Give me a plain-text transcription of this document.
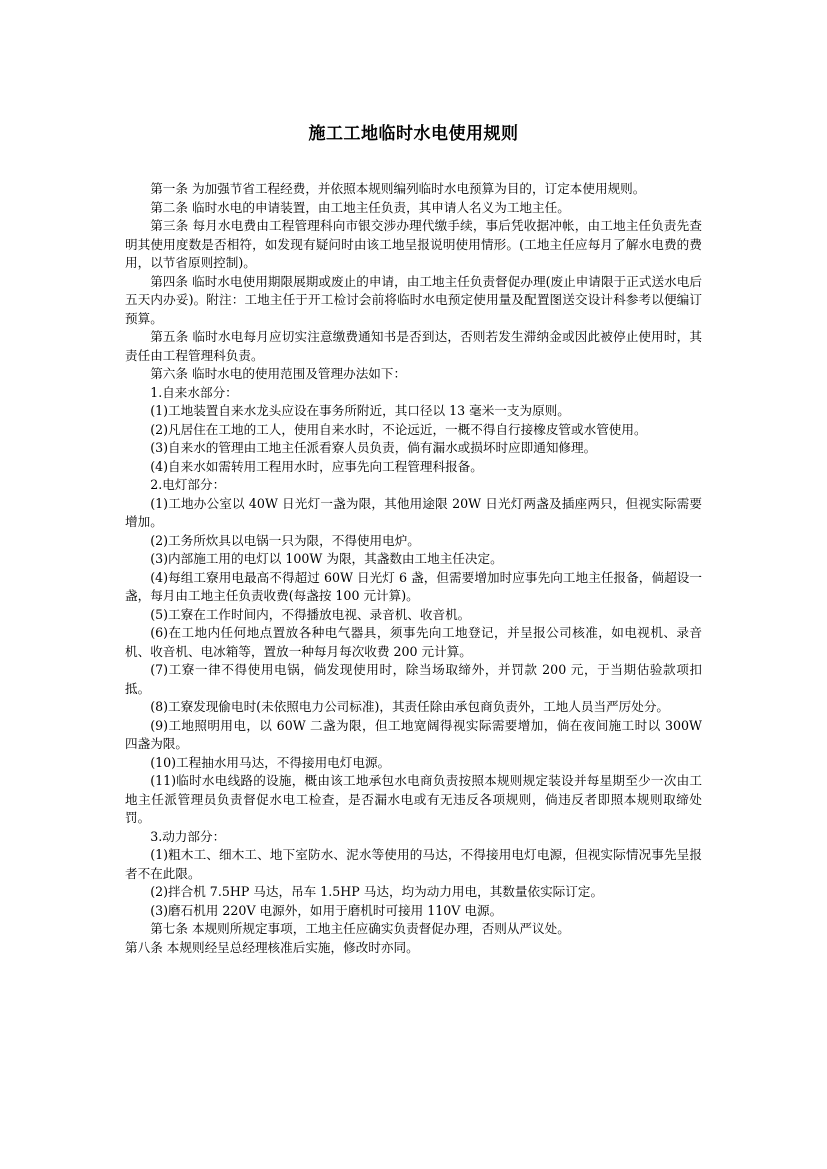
施工工地临时水电使用规则

第一条 为加强节省工程经费，并依照本规则编列临时水电预算为目的，订定本使用规则。

第二条 临时水电的申请装置，由工地主任负责，其申请人名义为工地主任。

第三条 每月水电费由工程管理科向市银交涉办理代缴手续，事后凭收据冲帐，由工地主任负责先查明其使用度数是否相符，如发现有疑问时由该工地呈报说明使用情形。(工地主任应每月了解水电费的费用，以节省原则控制)。

第四条 临时水电使用期限展期或废止的申请，由工地主任负责督促办理(废止申请限于正式送水电后五天内办妥)。附注：工地主任于开工检讨会前将临时水电预定使用量及配置图送交设计科参考以便编订预算。

第五条 临时水电每月应切实注意缴费通知书是否到达，否则若发生滞纳金或因此被停止使用时，其责任由工程管理科负责。

第六条 临时水电的使用范围及管理办法如下：

1.自来水部分：

(1)工地装置自来水龙头应设在事务所附近，其口径以 13 毫米一支为原则。

(2)凡居住在工地的工人，使用自来水时，不论远近，一概不得自行接橡皮管或水管使用。

(3)自来水的管理由工地主任派看寮人员负责，倘有漏水或损坏时应即通知修理。

(4)自来水如需转用工程用水时，应事先向工程管理科报备。

2.电灯部分：

(1)工地办公室以 40W 日光灯一盏为限，其他用途限 20W 日光灯两盏及插座两只，但视实际需要增加。

(2)工务所炊具以电锅一只为限，不得使用电炉。

(3)内部施工用的电灯以 100W 为限，其盏数由工地主任决定。

(4)每组工寮用电最高不得超过 60W 日光灯 6 盏，但需要增加时应事先向工地主任报备，倘超设一盏，每月由工地主任负责收费(每盏按 100 元计算)。

(5)工寮在工作时间内，不得播放电视、录音机、收音机。

(6)在工地内任何地点置放各种电气器具，须事先向工地登记，并呈报公司核准，如电视机、录音机、收音机、电冰箱等，置放一种每月每次收费 200 元计算。

(7)工寮一律不得使用电锅，倘发现使用时，除当场取缔外，并罚款 200 元，于当期估验款项扣抵。

(8)工寮发现偷电时(未依照电力公司标准)，其责任除由承包商负责外，工地人员当严厉处分。

(9)工地照明用电，以 60W 二盏为限，但工地宽阔得视实际需要增加，倘在夜间施工时以 300W 四盏为限。

(10)工程抽水用马达，不得接用电灯电源。

(11)临时水电线路的设施，概由该工地承包水电商负责按照本规则规定装设并每星期至少一次由工地主任派管理员负责督促水电工检查，是否漏水电或有无违反各项规则，倘违反者即照本规则取缔处罚。

3.动力部分：

(1)粗木工、细木工、地下室防水、泥水等使用的马达，不得接用电灯电源，但视实际情况事先呈报者不在此限。

(2)拌合机 7.5HP 马达，吊车 1.5HP 马达，均为动力用电，其数量依实际订定。

(3)磨石机用 220V 电源外，如用于磨机时可接用 110V 电源。

第七条 本规则所规定事项，工地主任应确实负责督促办理，否则从严议处。

第八条 本规则经呈总经理核准后实施，修改时亦同。
